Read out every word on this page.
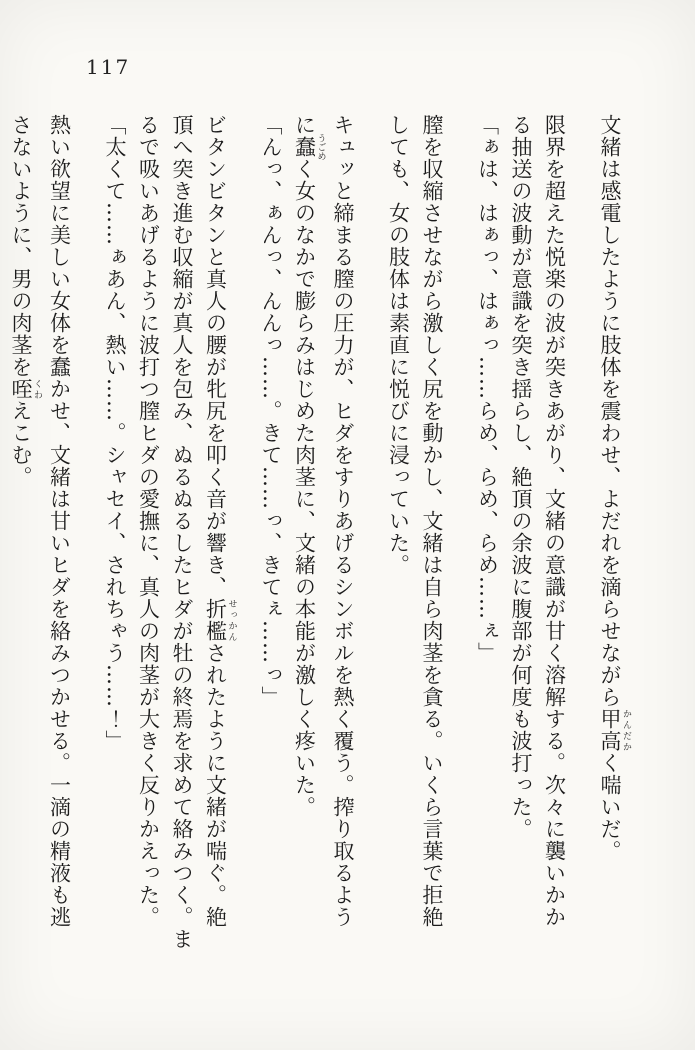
117
文緒は感電したように肢体を震わせ、よだれを滴らせながら甲高 かんだかく喘いだ。
限界を超えた悦楽の波が突きあがり、文緒の意識が甘く溶解する。次々に襲いかか
る抽送の波動が意識を突き揺らし、絶頂の余波に腹部が何度も波打った。
「ぁは、はぁっ、はぁっ……らめ、らめ、らめ……ぇ」
膣を収縮させながら激しく尻を動かし、文緒は自ら肉茎を貪る。いくら言葉で拒絶
しても、女の肢体は素直に悦びに浸っていた。
キュッと締まる膣の圧力が、ヒダをすりあげるシンボルを熱く覆う。搾り取るよう
に蠢 うごめく女のなかで膨らみはじめた肉茎に、文緒の本能が激しく疼いた。
「んっ、ぁんっ、んんっ……。きて……っ、きてぇ……っ」
ビタンビタンと真人の腰が牝尻を叩く音が響き、折檻 せっかんされたように文緒が喘ぐ。絶
頂へ突き進む収縮が真人を包み、ぬるぬるしたヒダが牡の終焉を求めて絡みつく。ま
るで吸いあげるように波打つ膣ヒダの愛撫に、真人の肉茎が大きく反りかえった。
「太くて……ぁあん、熱い……。シャセイ、されちゃう……！」
熱い欲望に美しい女体を蠢かせ、文緒は甘いヒダを絡みつかせる。一滴の精液も逃
さないように、男の肉茎を咥 くわえこむ。
